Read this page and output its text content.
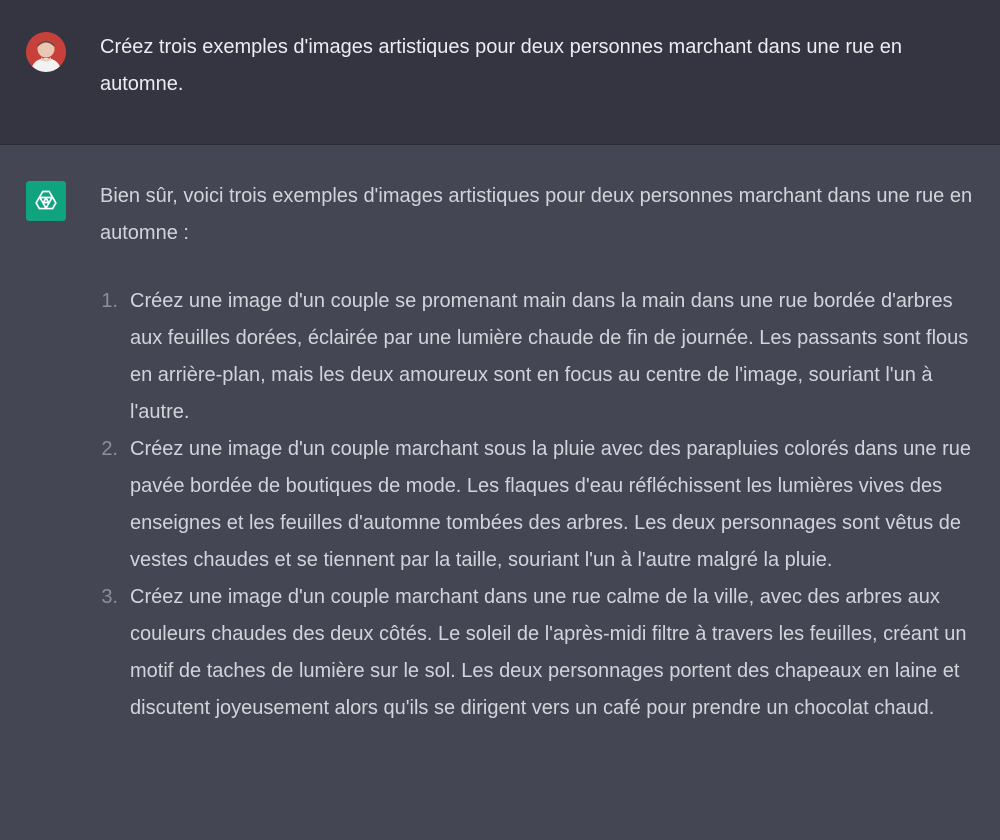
Créez trois exemples d'images artistiques pour deux personnes marchant dans une rue en automne.
Bien sûr, voici trois exemples d'images artistiques pour deux personnes marchant dans une rue en automne :
1. Créez une image d'un couple se promenant main dans la main dans une rue bordée d'arbres aux feuilles dorées, éclairée par une lumière chaude de fin de journée. Les passants sont flous en arrière-plan, mais les deux amoureux sont en focus au centre de l'image, souriant l'un à l'autre.
2. Créez une image d'un couple marchant sous la pluie avec des parapluies colorés dans une rue pavée bordée de boutiques de mode. Les flaques d'eau réfléchissent les lumières vives des enseignes et les feuilles d'automne tombées des arbres. Les deux personnages sont vêtus de vestes chaudes et se tiennent par la taille, souriant l'un à l'autre malgré la pluie.
3. Créez une image d'un couple marchant dans une rue calme de la ville, avec des arbres aux couleurs chaudes des deux côtés. Le soleil de l'après-midi filtre à travers les feuilles, créant un motif de taches de lumière sur le sol. Les deux personnages portent des chapeaux en laine et discutent joyeusement alors qu'ils se dirigent vers un café pour prendre un chocolat chaud.
